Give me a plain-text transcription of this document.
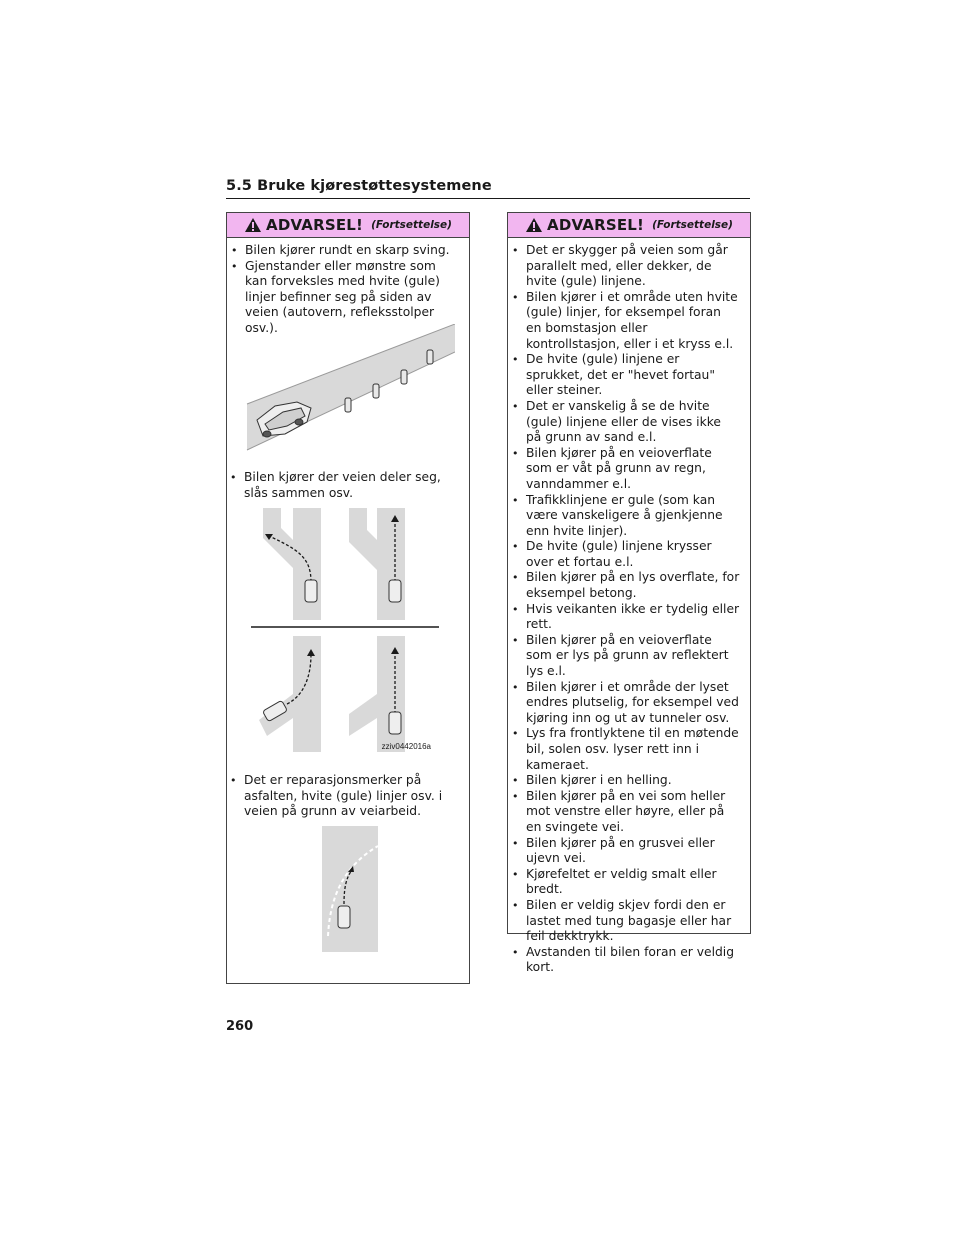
5.5 Bruke kjørestøttesystemene
ADVARSEL! (Fortsettelse)
• Bilen kjører rundt en skarp sving.
• Gjenstander eller mønstre som kan forveksles med hvite (gule) linjer befinner seg på siden av veien (autovern, refleksstolper osv.).
• Bilen kjører der veien deler seg, slås sammen osv.
zziv0442016a
• Det er reparasjonsmerker på asfalten, hvite (gule) linjer osv. i veien på grunn av veiarbeid.
ADVARSEL! (Fortsettelse)
• Det er skygger på veien som går parallelt med, eller dekker, de hvite (gule) linjene.
• Bilen kjører i et område uten hvite (gule) linjer, for eksempel foran en bomstasjon eller kontrollstasjon, eller i et kryss e.l.
• De hvite (gule) linjene er sprukket, det er "hevet fortau" eller steiner.
• Det er vanskelig å se de hvite (gule) linjene eller de vises ikke på grunn av sand e.l.
• Bilen kjører på en veioverflate som er våt på grunn av regn, vanndammer e.l.
• Trafikklinjene er gule (som kan være vanskeligere å gjenkjenne enn hvite linjer).
• De hvite (gule) linjene krysser over et fortau e.l.
• Bilen kjører på en lys overflate, for eksempel betong.
• Hvis veikanten ikke er tydelig eller rett.
• Bilen kjører på en veioverflate som er lys på grunn av reflektert lys e.l.
• Bilen kjører i et område der lyset endres plutselig, for eksempel ved kjøring inn og ut av tunneler osv.
• Lys fra frontlyktene til en møtende bil, solen osv. lyser rett inn i kameraet.
• Bilen kjører i en helling.
• Bilen kjører på en vei som heller mot venstre eller høyre, eller på en svingete vei.
• Bilen kjører på en grusvei eller ujevn vei.
• Kjørefeltet er veldig smalt eller bredt.
• Bilen er veldig skjev fordi den er lastet med tung bagasje eller har feil dekktrykk.
• Avstanden til bilen foran er veldig kort.
260
